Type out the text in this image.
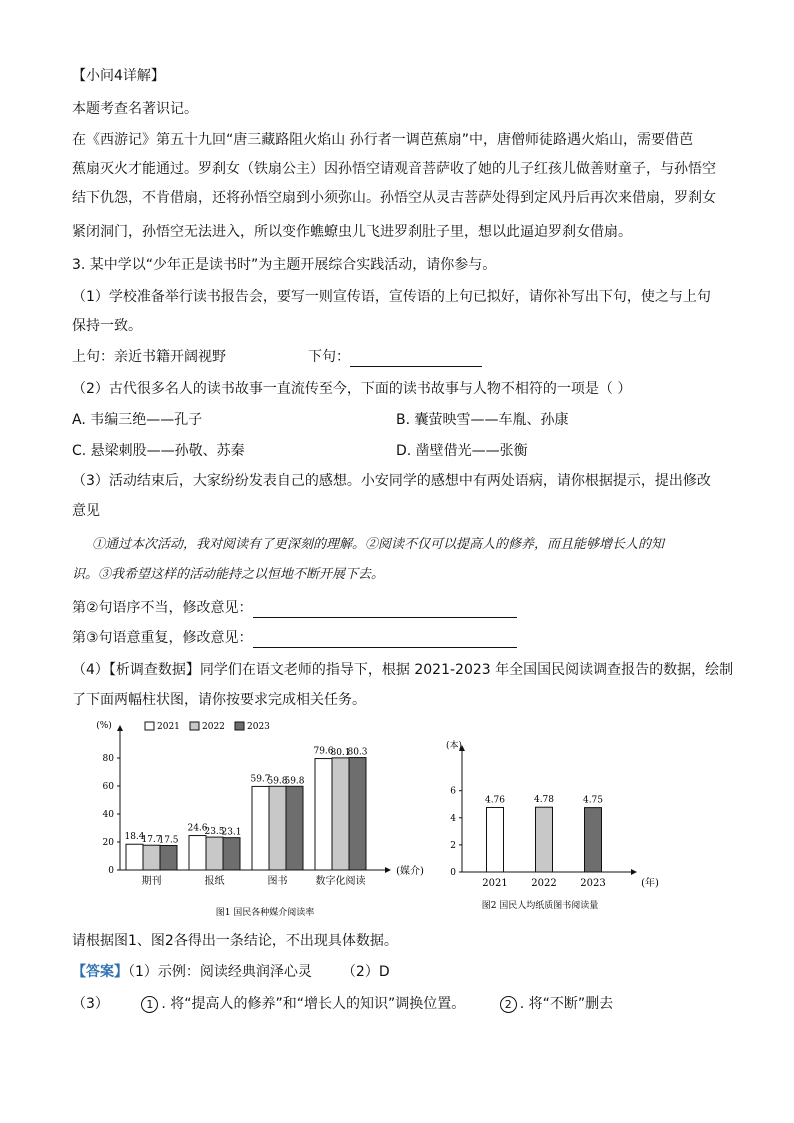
【小问4详解】
本题考查名著识记。
在《西游记》第五十九回“唐三藏路阻火焰山 孙行者一调芭蕉扇”中，唐僧师徒路遇火焰山，需要借芭
蕉扇灭火才能通过。罗刹女（铁扇公主）因孙悟空请观音菩萨收了她的儿子红孩儿做善财童子，与孙悟空
结下仇怨，不肯借扇，还将孙悟空扇到小须弥山。孙悟空从灵吉菩萨处得到定风丹后再次来借扇，罗刹女
紧闭洞门，孙悟空无法进入，所以变作蟭蟟虫儿飞进罗刹肚子里，想以此逼迫罗刹女借扇。
3. 某中学以“少年正是读书时”为主题开展综合实践活动，请你参与。
（1）学校准备举行读书报告会，要写一则宣传语，宣传语的上句已拟好，请你补写出下句，使之与上句
保持一致。
上句：亲近书籍开阔视野	下句：
（2）古代很多名人的读书故事一直流传至今，下面的读书故事与人物不相符的一项是（ ）
A. 韦编三绝——孔子	B. 囊萤映雪——车胤、孙康
C. 悬梁刺股——孙敬、苏秦	D. 凿壁借光——张衡
（3）活动结束后，大家纷纷发表自己的感想。小安同学的感想中有两处语病，请你根据提示，提出修改
意见
①通过本次活动，我对阅读有了更深刻的理解。②阅读不仅可以提高人的修养，而且能够增长人的知
识。③我希望这样的活动能持之以恒地不断开展下去。
第②句语序不当，修改意见：
第③句语意重复，修改意见：
（4）【析调查数据】同学们在语文老师的指导下，根据 2021-2023 年全国国民阅读调查报告的数据，绘制
了下面两幅柱状图，请你按要求完成相关任务。
(%)
(媒介)
0
20
40
60
80
18.4
17.7
17.5
期刊
24.6
23.5
23.1
报纸
59.7
59.8
59.8
图书
79.6
80.1
80.3
数字化阅读
2021 2022 2023
图1 国民各种媒介阅读率
(本)
(年)
0
2
4
6
4.76
2021
4.78
2022
4.75
2023
图2 国民人均纸质图书阅读量
请根据图1、图2各得出一条结论，不出现具体数据。
【答案】（1）示例：阅读经典润泽心灵 （2）D
（3）	1 . 将“提高人的修养”和“增长人的知识”调换位置。	2 . 将“不断”删去
